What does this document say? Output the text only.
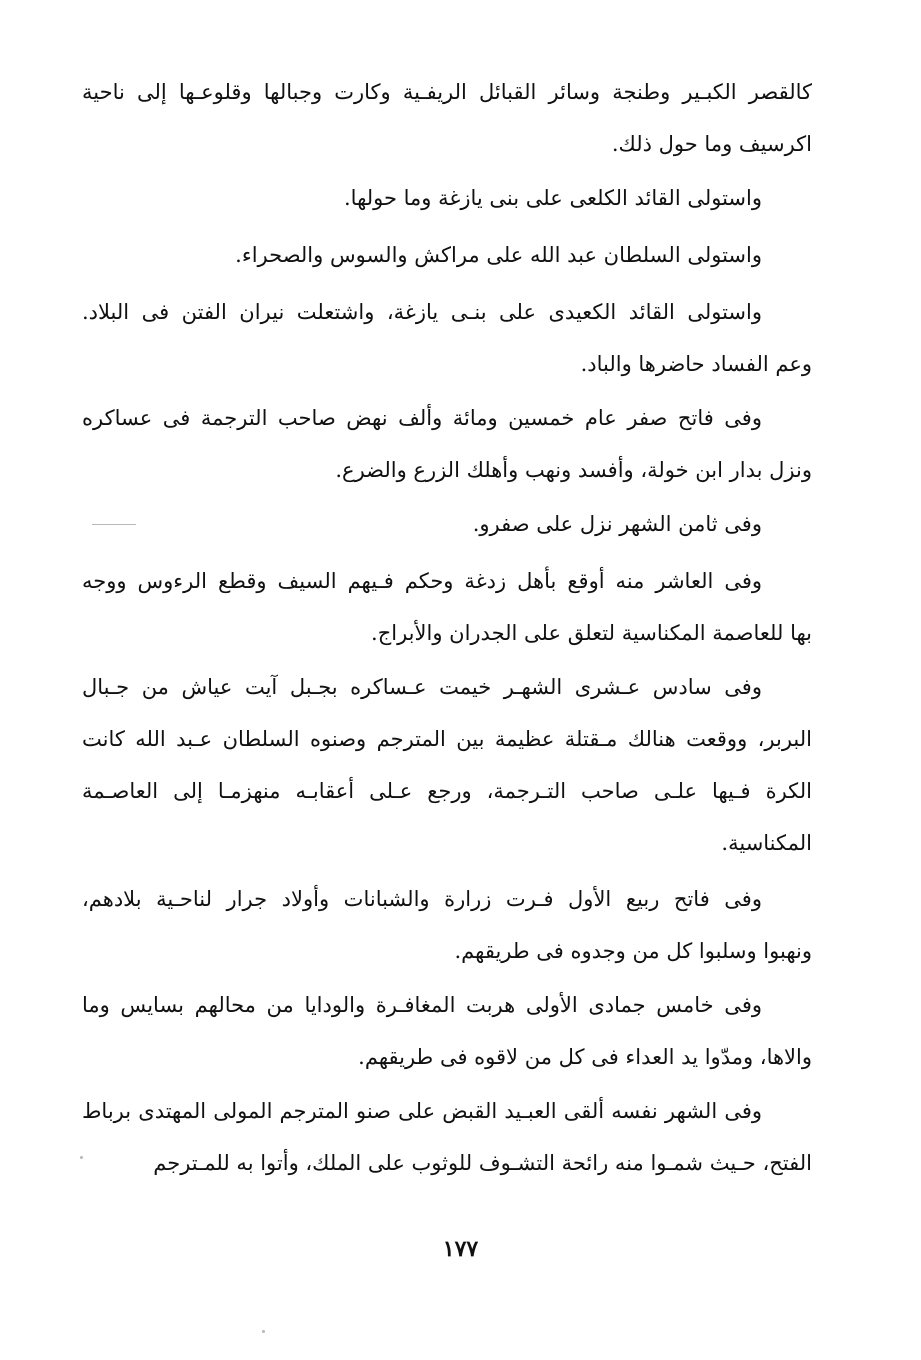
كالقصر الكبـير وطنجة وسائر القبائل الريفـية وكارت وجبالها وقلوعـها إلى ناحية
اكرسيف وما حول ذلك.
واستولى القائد الكلعى على بنى يازغة وما حولها.
واستولى السلطان عبد الله على مراكش والسوس والصحراء.
واستولى القائد الكعيدى على بنـى يازغة، واشتعلت نيران الفتن فى البلاد.
وعم الفساد حاضرها والباد.
وفى فاتح صفر عام خمسين ومائة وألف نهض صاحب الترجمة فى عساكره
ونزل بدار ابن خولة، وأفسد ونهب وأهلك الزرع والضرع.
وفى ثامن الشهر نزل على صفرو.
وفى العاشر منه أوقع بأهل زدغة وحكم فـيهم السيف وقطع الرءوس ووجه
بها للعاصمة المكناسية لتعلق على الجدران والأبراج.
وفى سادس عـشرى الشهـر خيمت عـساكره بجـبل آيت عياش من جـبال
البربر، ووقعت هنالك مـقتلة عظيمة بين المترجم وصنوه السلطان عـبد الله كانت
الكرة فـيها علـى صاحب التـرجمة، ورجع عـلى أعقابـه منهزمـا إلى العاصـمة
المكناسية.
وفى فاتح ربيع الأول فـرت زرارة والشبانات وأولاد جرار لناحـية بلادهم،
ونهبوا وسلبوا كل من وجدوه فى طريقهم.
وفى خامس جمادى الأولى هربت المغافـرة والودايا من محالهم بسايس وما
والاها، ومدّوا يد العداء فى كل من لاقوه فى طريقهم.
وفى الشهر نفسه ألقى العبـيد القبض على صنو المترجم المولى المهتدى برباط
الفتح، حـيث شمـوا منه رائحة التشـوف للوثوب على الملك، وأتوا به للمـترجم
١٧٧
